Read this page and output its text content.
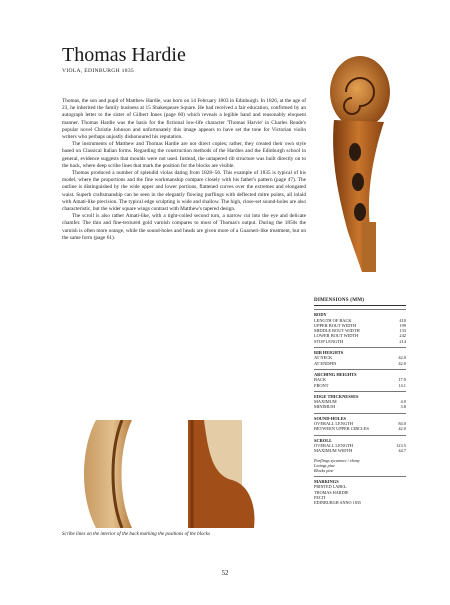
Thomas Hardie
VIOLA, EDINBURGH 1835

Thomas, the son and pupil of Matthew Hardie, was born on 14 February 1803 in Edinburgh. In 1826, at the age of 23, he inherited the family business at 15 Shakespeare Square. He had received a fair education, confirmed by an autograph letter to the sister of Gilbert Innes (page 60) which reveals a legible hand and reasonably eloquent manner. Thomas Hardie was the basis for the fictional low-life character 'Thomas Harvie' in Charles Reade's popular novel Christie Johnson and unfortunately this image appears to have set the tone for Victorian violin writers who perhaps unjustly dishonoured his reputation.

The instruments of Matthew and Thomas Hardie are not direct copies; rather, they created their own style based on Classical Italian forms. Regarding the construction methods of the Hardies and the Edinburgh school in general, evidence suggests that moulds were not used. Instead, the untapered rib structure was built directly on to the back, where deep scribe lines that mark the position for the blocks are visible.

Thomas produced a number of splendid violas dating from 1828–56. This example of 1835 is typical of his model, where the proportions and the fine workmanship compare closely with his father's pattern (page 47). The outline is distinguished by the wide upper and lower portions, flattened curves over the extremes and elongated waist. Superb craftsmanship can be seen in the elegantly flowing purflings with deflected mitre points, all inlaid with Amati-like precision. The typical edge sculpting is wide and shallow. The high, close-set sound-holes are also characteristic, but the wider square wings contrast with Matthew's tapered design.

The scroll is also rather Amati-like, with a tight-coiled second turn, a narrow cut into the eye and delicate chamfer. The thin and fine-textured gold varnish compares to most of Thomas's output. During the 1850s the varnish is often more orange, while the sound-holes and heads are given more of a Guarneri-like treatment, but on the same form (page 61).

Scribe lines on the interior of the back marking the positions of the blocks
DIMENSIONS (MM)
BODY
LENGTH OF BACK	410
UPPER BOUT WIDTH	199
MIDDLE BOUT WIDTH	133
LOWER BOUT WIDTH	242
STOP LENGTH	214
RIB HEIGHTS
AT NECK	42.0
AT ENDPIN	42.0
ARCHING HEIGHTS
BACK	17.0
FRONT	14.1
EDGE THICKNESSES
MAXIMUM	4.0
MINIMUM	3.8
SOUND-HOLES
OVERALL LENGTH	84.0
BETWEEN UPPER CIRCLES	42.0
SCROLL
OVERALL LENGTH	123.5
MAXIMUM WIDTH	44.7
Purflings sycamore / ebony
Linings pine
Blocks pine
MARKINGS
PRINTED LABEL:
THOMAS HARDIE
FECIT
EDINBURGH ANNO 1835
52
